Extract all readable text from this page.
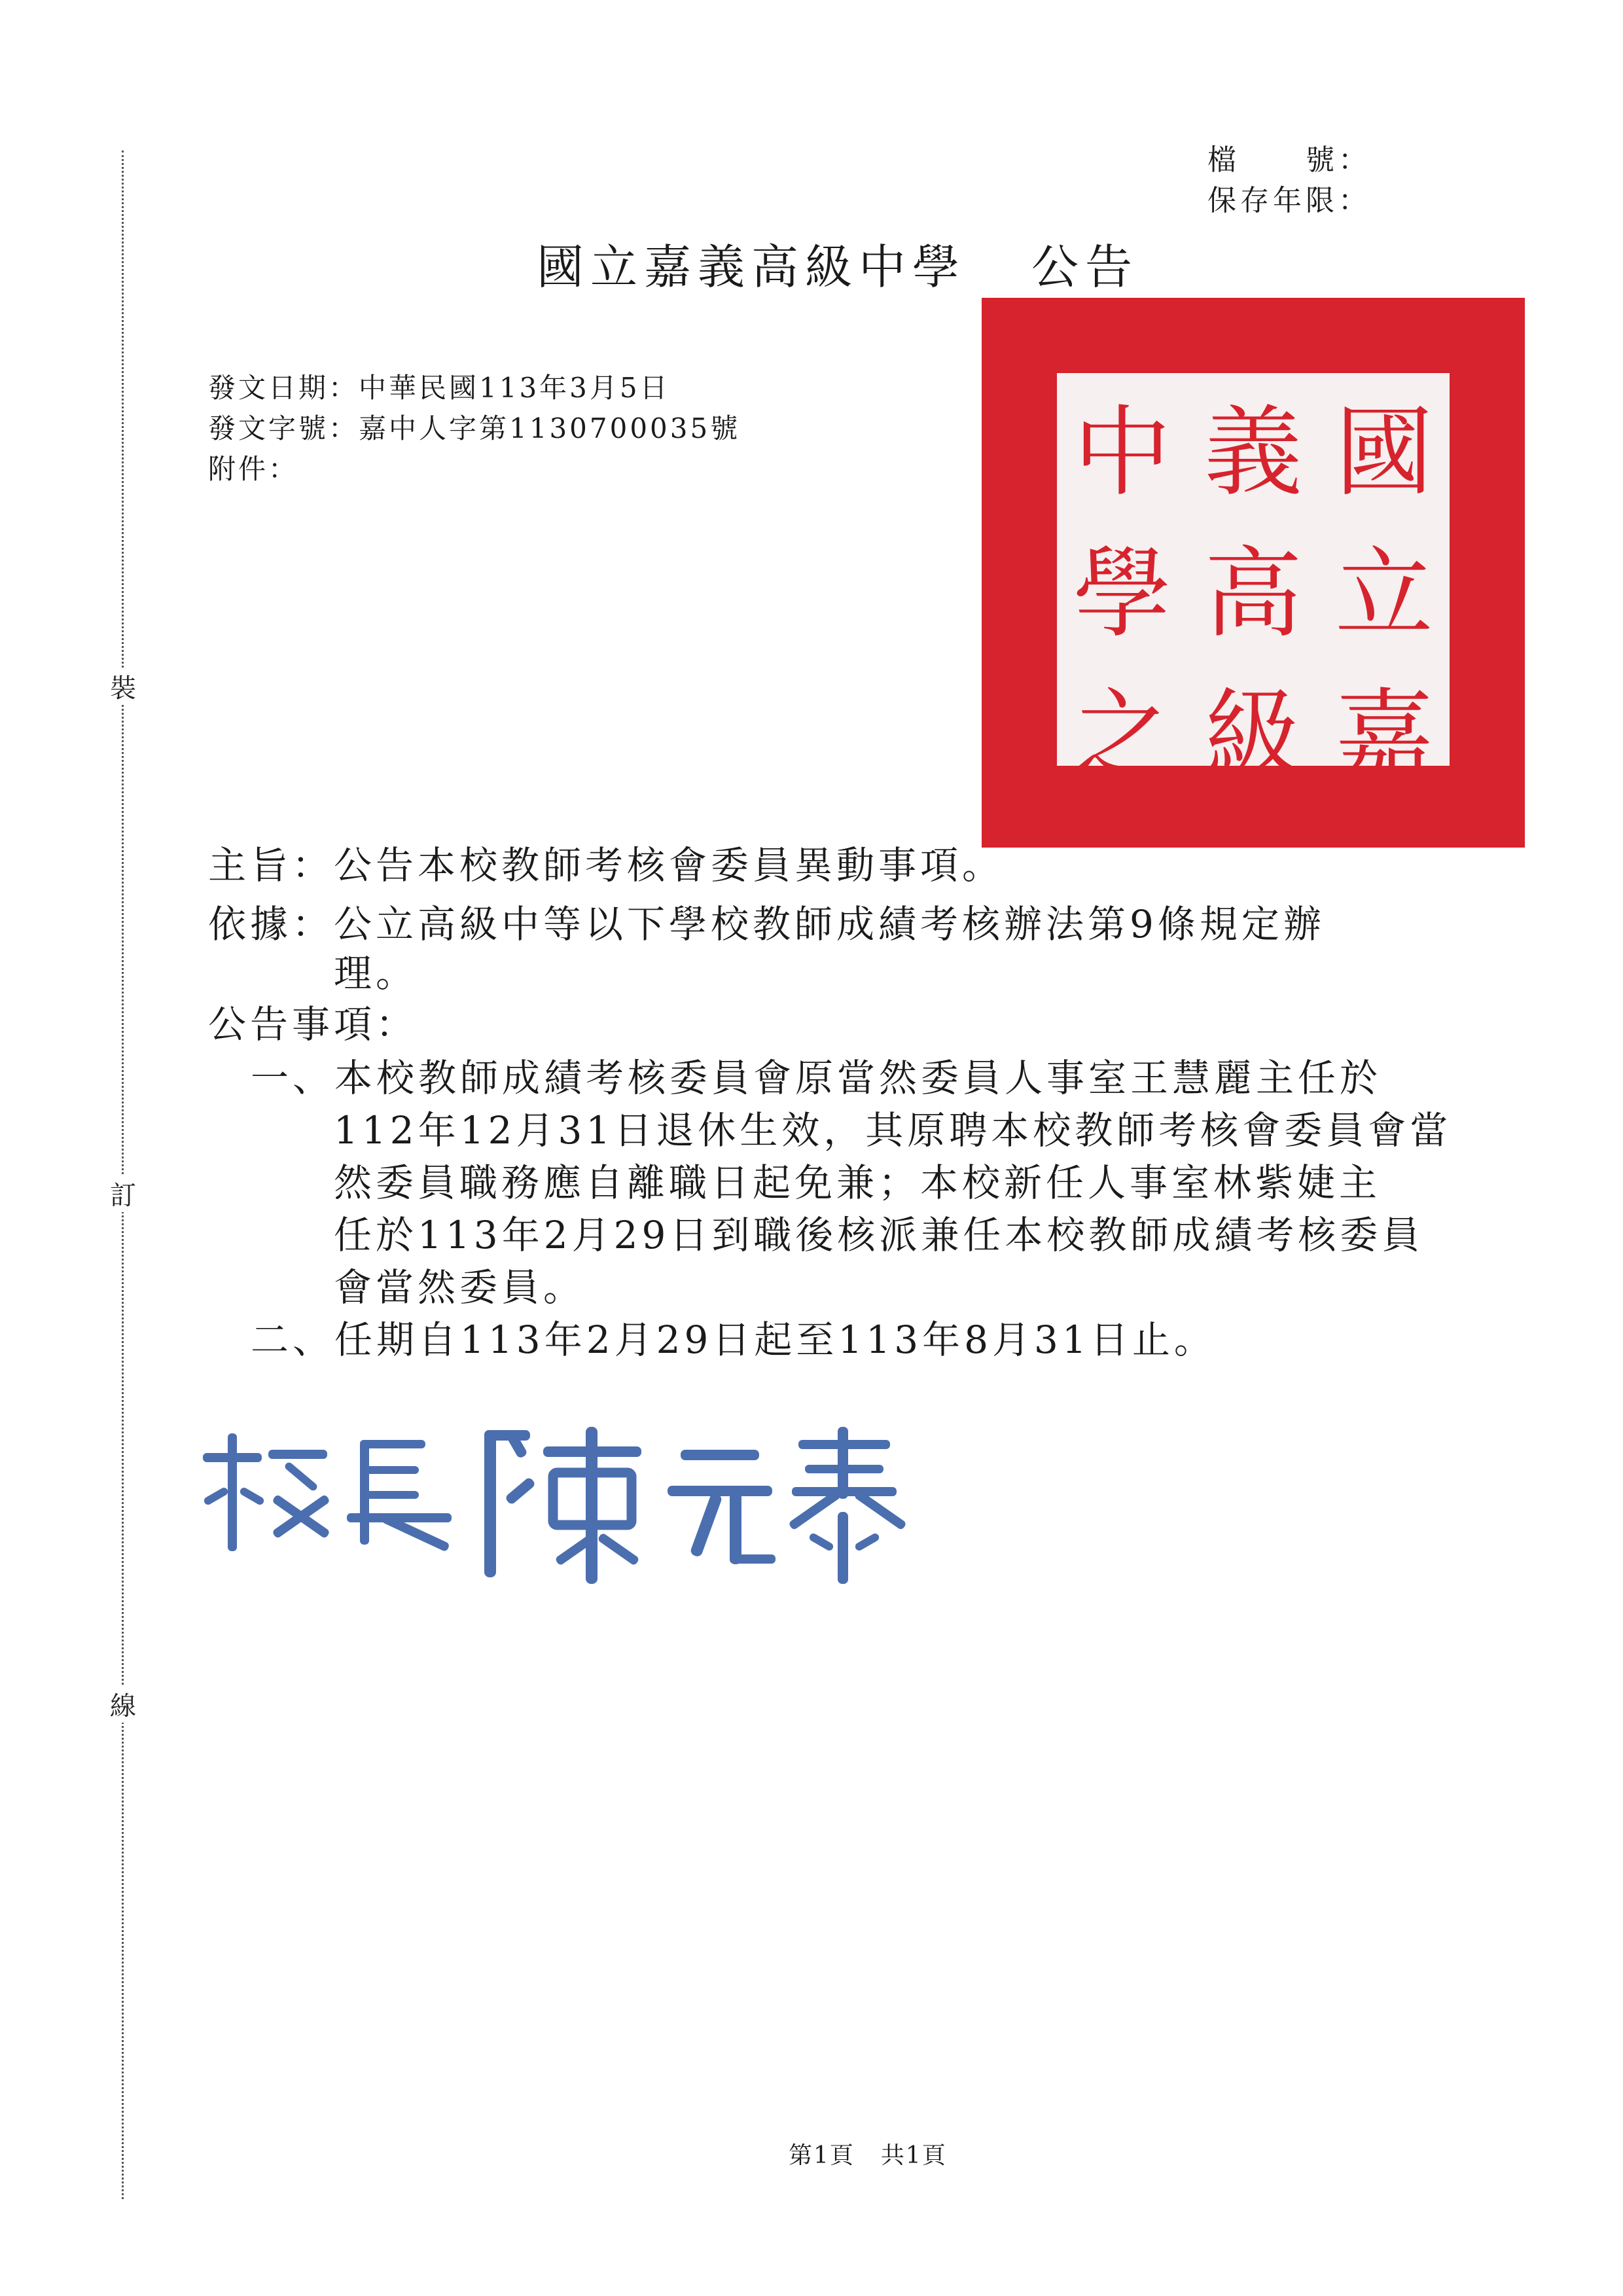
裝
訂
線
檔　　號：
保存年限：
國立嘉義高級中學 公告
發文日期：中華民國113年3月5日
發文字號：嘉中人字第1130700035號
附件：	國
立
嘉
義
高
級
中
學
之
主旨：公告本校教師考核會委員異動事項。
依據：公立高級中等以下學校教師成績考核辦法第9條規定辦
理。
公告事項：
一、本校教師成績考核委員會原當然委員人事室王慧麗主任於
112年12月31日退休生效，其原聘本校教師考核會委員會當
然委員職務應自離職日起免兼；本校新任人事室林紫婕主
任於113年2月29日到職後核派兼任本校教師成績考核委員
會當然委員。
二、任期自113年2月29日起至113年8月31日止。
第1頁 共1頁
